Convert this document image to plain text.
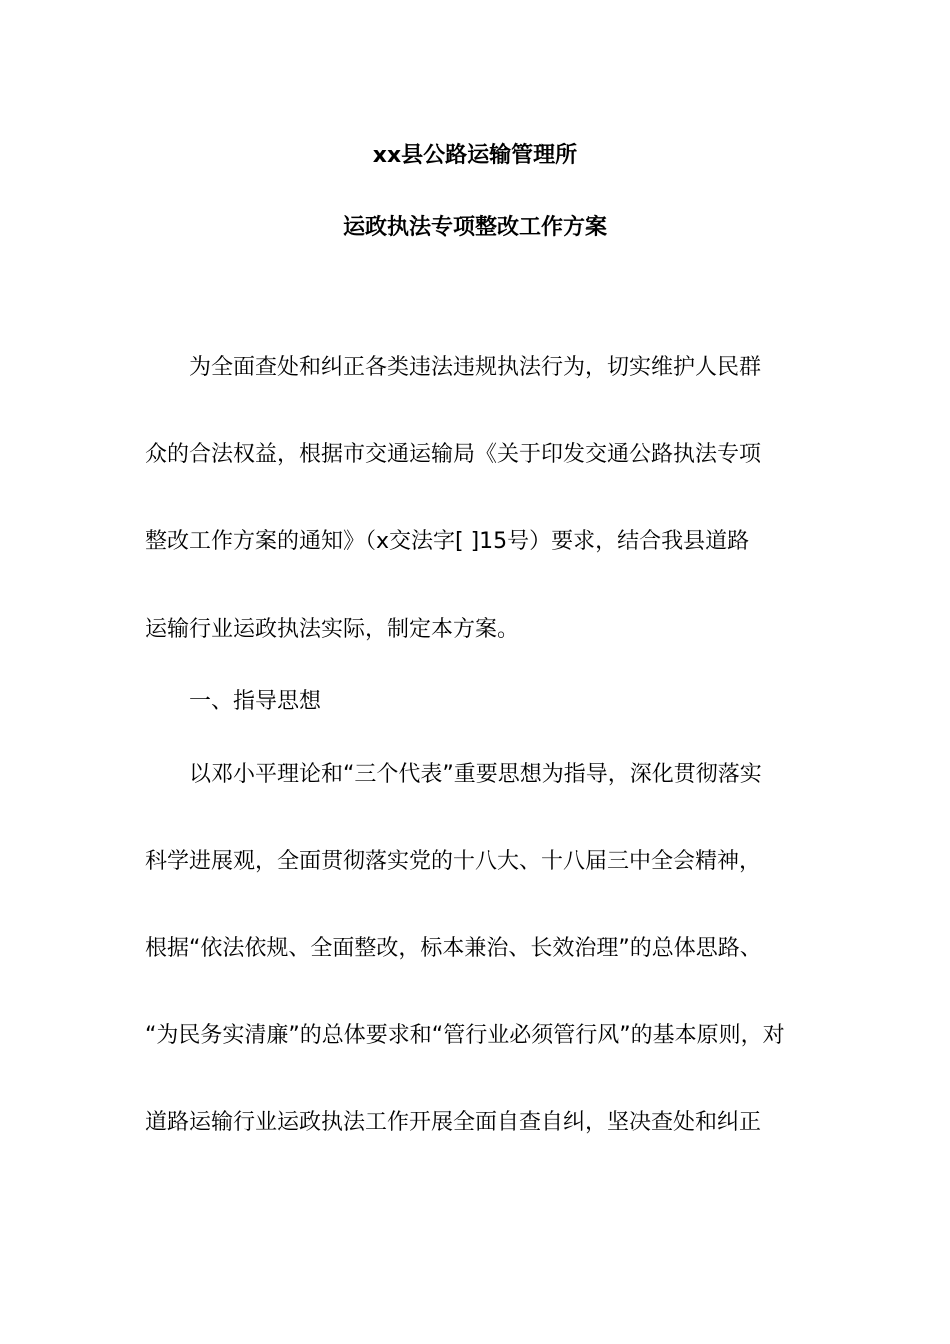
xx县公路运输管理所
运政执法专项整改工作方案
为全面查处和纠正各类违法违规执法行为，切实维护人民群
众的合法权益，根据市交通运输局《关于印发交通公路执法专项
整改工作方案的通知》（x交法字[ ]15号）要求，结合我县道路
运输行业运政执法实际，制定本方案。
一、指导思想
以邓小平理论和“三个代表”重要思想为指导，深化贯彻落实
科学进展观，全面贯彻落实党的十八大、十八届三中全会精神，
根据“依法依规、全面整改，标本兼治、长效治理”的总体思路、
“为民务实清廉”的总体要求和“管行业必须管行风”的基本原则，对
道路运输行业运政执法工作开展全面自查自纠，坚决查处和纠正
